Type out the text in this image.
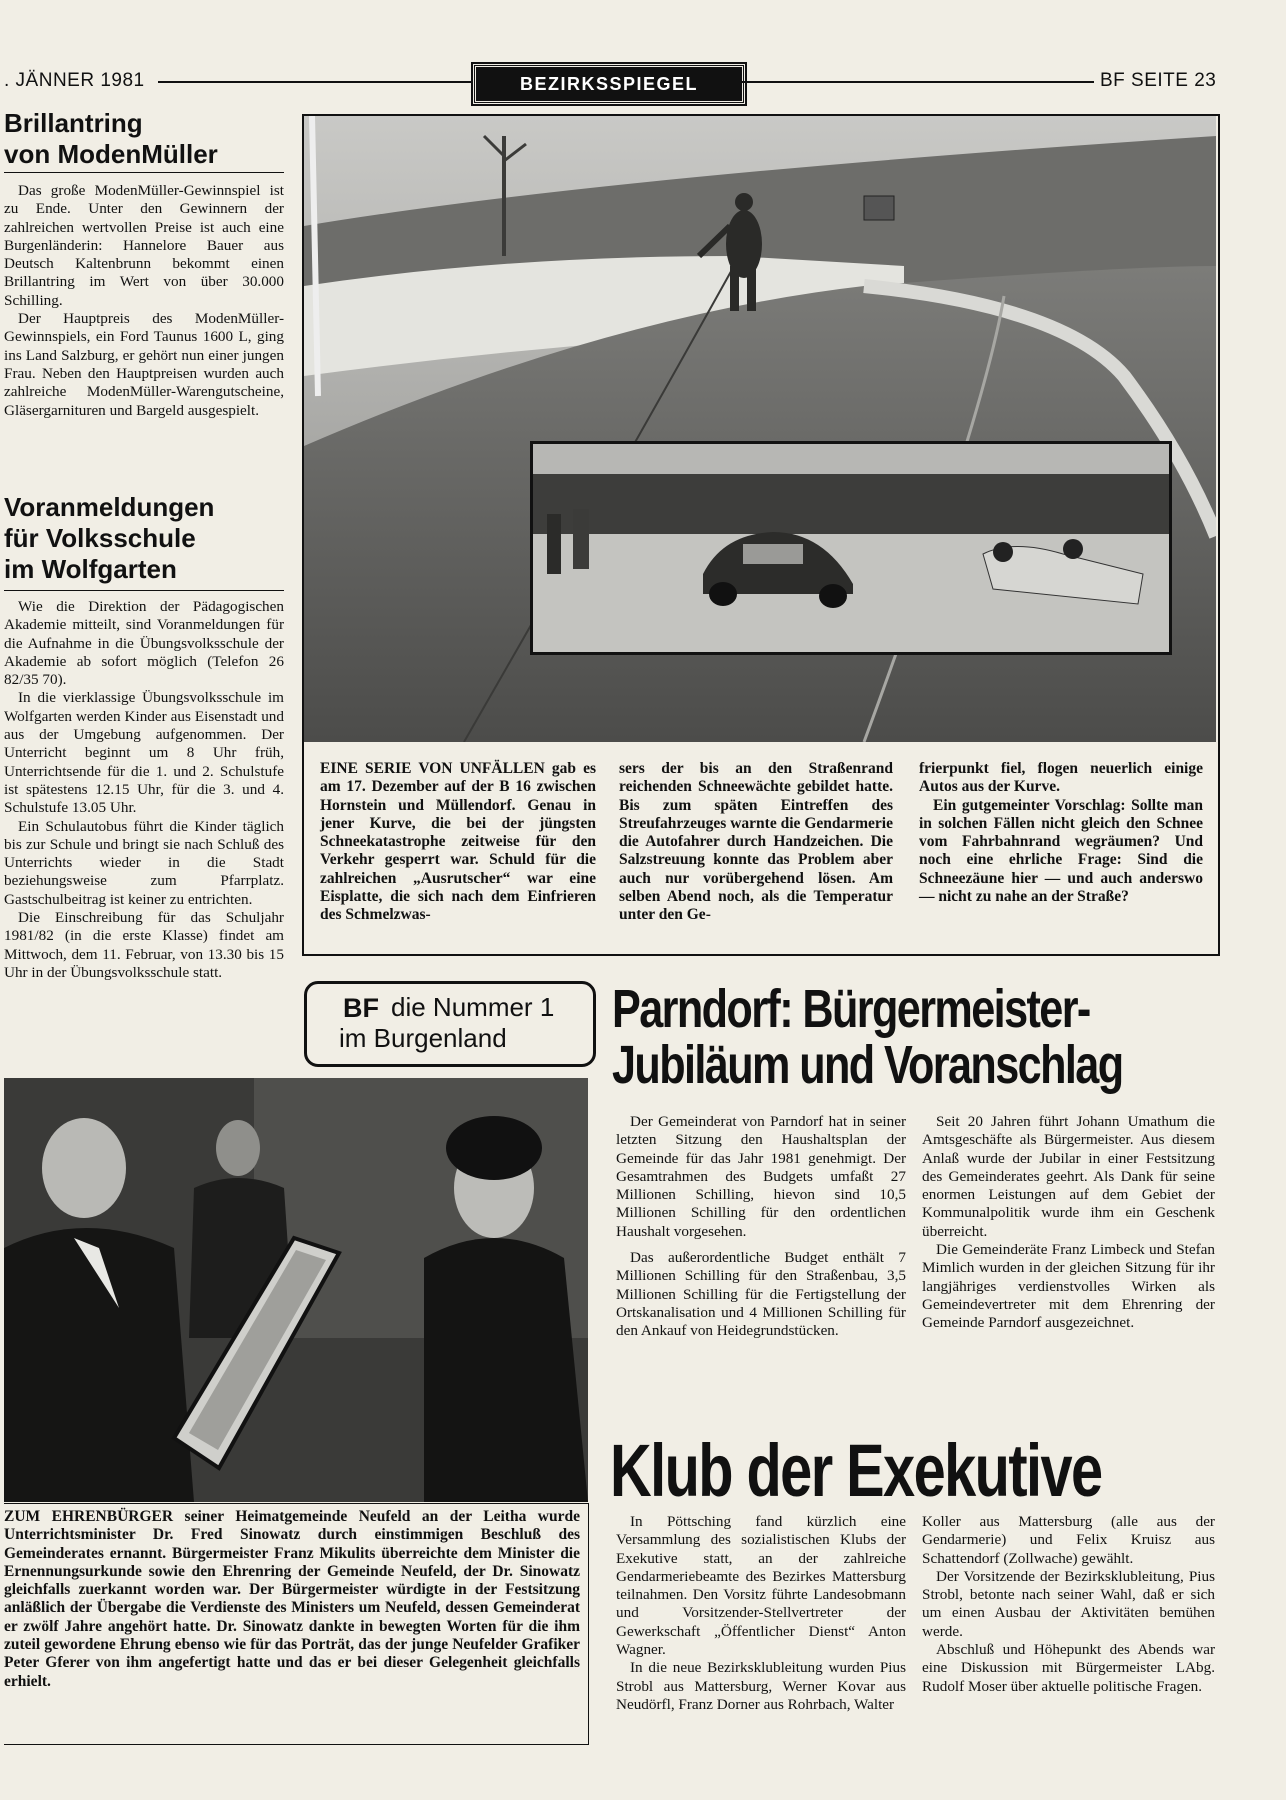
. JÄNNER 1981	BEZIRKSSPIEGEL	BF SEITE 23
Brillantring
von ModenMüller

Das große ModenMüller-Gewinnspiel ist zu Ende. Unter den Gewinnern der zahlreichen wertvollen Preise ist auch eine Burgenländerin: Hannelore Bauer aus Deutsch Kaltenbrunn bekommt einen Brillantring im Wert von über 30.000 Schilling.

Der Hauptpreis des ModenMüller-Gewinnspiels, ein Ford Taunus 1600 L, ging ins Land Salzburg, er gehört nun einer jungen Frau. Neben den Hauptpreisen wurden auch zahlreiche ModenMüller-Warengutscheine, Gläsergarnituren und Bargeld ausgespielt.

Voranmeldungen
für Volksschule
im Wolfgarten

Wie die Direktion der Pädagogischen Akademie mitteilt, sind Voranmeldungen für die Aufnahme in die Übungsvolksschule der Akademie ab sofort möglich (Telefon 26 82/35 70).

In die vierklassige Übungsvolksschule im Wolfgarten werden Kinder aus Eisenstadt und aus der Umgebung aufgenommen. Der Unterricht beginnt um 8 Uhr früh, Unterrichtsende für die 1. und 2. Schulstufe ist spätestens 12.15 Uhr, für die 3. und 4. Schulstufe 13.05 Uhr.

Ein Schulautobus führt die Kinder täglich bis zur Schule und bringt sie nach Schluß des Unterrichts wieder in die Stadt beziehungsweise zum Pfarrplatz. Gastschulbeitrag ist keiner zu entrichten.

Die Einschreibung für das Schuljahr 1981/82 (in die erste Klasse) findet am Mittwoch, dem 11. Februar, von 13.30 bis 15 Uhr in der Übungsvolksschule statt.

EINE SERIE VON UNFÄLLEN gab es am 17. Dezember auf der B 16 zwischen Hornstein und Müllendorf. Genau in jener Kurve, die bei der jüngsten Schneekatastrophe zeitweise für den Verkehr gesperrt war. Schuld für die zahlreichen „Ausrutscher“ war eine Eisplatte, die sich nach dem Einfrieren des Schmelzwas-
sers der bis an den Straßenrand reichenden Schneewächte gebildet hatte. Bis zum späten Eintreffen des Streufahrzeuges warnte die Gendarmerie die Autofahrer durch Handzeichen. Die Salzstreuung konnte das Problem aber auch nur vorübergehend lösen. Am selben Abend noch, als die Temperatur unter den Ge-

frierpunkt fiel, flogen neuerlich einige Autos aus der Kurve.

Ein gutgemeinter Vorschlag: Sollte man in solchen Fällen nicht gleich den Schnee vom Fahrbahnrand wegräumen? Und noch eine ehrliche Frage: Sind die Schneezäune hier — und auch anderswo — nicht zu nahe an der Straße?

BF die Nummer 1
im Burgenland
ZUM EHRENBÜRGER seiner Heimatgemeinde Neufeld an der Leitha wurde Unterrichtsminister Dr. Fred Sinowatz durch einstimmigen Beschluß des Gemeinderates ernannt. Bürgermeister Franz Mikulits überreichte dem Minister die Ernennungsurkunde sowie den Ehrenring der Gemeinde Neufeld, der Dr. Sinowatz gleichfalls zuerkannt worden war. Der Bürgermeister würdigte in der Festsitzung anläßlich der Übergabe die Verdienste des Ministers um Neufeld, dessen Gemeinderat er zwölf Jahre angehört hatte. Dr. Sinowatz dankte in bewegten Worten für die ihm zuteil gewordene Ehrung ebenso wie für das Porträt, das der junge Neufelder Grafiker Peter Gferer von ihm angefertigt hatte und das er bei dieser Gelegenheit gleichfalls erhielt.
Parndorf: Bürgermeister-
Jubiläum und Voranschlag

Der Gemeinderat von Parndorf hat in seiner letzten Sitzung den Haushaltsplan der Gemeinde für das Jahr 1981 genehmigt. Der Gesamtrahmen des Budgets umfaßt 27 Millionen Schilling, hievon sind 10,5 Millionen Schilling für den ordentlichen Haushalt vorgesehen.

Das außerordentliche Budget enthält 7 Millionen Schilling für den Straßenbau, 3,5 Millionen Schilling für die Fertigstellung der Ortskanalisation und 4 Millionen Schilling für den Ankauf von Heidegrundstücken.

Seit 20 Jahren führt Johann Umathum die Amtsgeschäfte als Bürgermeister. Aus diesem Anlaß wurde der Jubilar in einer Festsitzung des Gemeinderates geehrt. Als Dank für seine enormen Leistungen auf dem Gebiet der Kommunalpolitik wurde ihm ein Geschenk überreicht.

Die Gemeinderäte Franz Limbeck und Stefan Mimlich wurden in der gleichen Sitzung für ihr langjähriges verdienstvolles Wirken als Gemeindevertreter mit dem Ehrenring der Gemeinde Parndorf ausgezeichnet.

Klub der Exekutive

In Pöttsching fand kürzlich eine Versammlung des sozialistischen Klubs der Exekutive statt, an der zahlreiche Gendarmeriebeamte des Bezirkes Mattersburg teilnahmen. Den Vorsitz führte Landesobmann und Vorsitzender-Stellvertreter der Gewerkschaft „Öffentlicher Dienst“ Anton Wagner.

In die neue Bezirksklubleitung wurden Pius Strobl aus Mattersburg, Werner Kovar aus Neudörfl, Franz Dorner aus Rohrbach, Walter

Koller aus Mattersburg (alle aus der Gendarmerie) und Felix Kruisz aus Schattendorf (Zollwache) gewählt.

Der Vorsitzende der Bezirksklubleitung, Pius Strobl, betonte nach seiner Wahl, daß er sich um einen Ausbau der Aktivitäten bemühen werde.

Abschluß und Höhepunkt des Abends war eine Diskussion mit Bürgermeister LAbg. Rudolf Moser über aktuelle politische Fragen.
